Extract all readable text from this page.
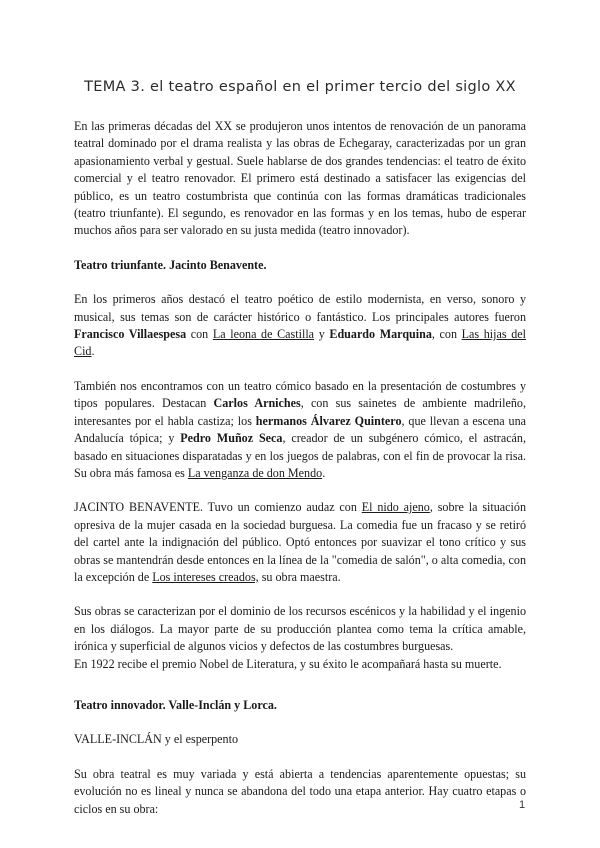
TEMA 3. el teatro español en el primer tercio del siglo XX

En las primeras décadas del XX se produjeron unos intentos de renovación de un panorama teatral dominado por el drama realista y las obras de Echegaray, caracterizadas por un gran apasionamiento verbal y gestual. Suele hablarse de dos grandes tendencias: el teatro de éxito comercial y el teatro renovador. El primero está destinado a satisfacer las exigencias del público, es un teatro costumbrista que continúa con las formas dramáticas tradicionales (teatro triunfante). El segundo, es renovador en las formas y en los temas, hubo de esperar muchos años para ser valorado en su justa medida (teatro innovador).

Teatro triunfante. Jacinto Benavente.

En los primeros años destacó el teatro poético de estilo modernista, en verso, sonoro y musical, sus temas son de carácter histórico o fantástico. Los principales autores fueron Francisco Villaespesa con La leona de Castilla y Eduardo Marquina, con Las hijas del Cid.

También nos encontramos con un teatro cómico basado en la presentación de costumbres y tipos populares. Destacan Carlos Arniches, con sus sainetes de ambiente madrileño, interesantes por el habla castiza; los hermanos Álvarez Quintero, que llevan a escena una Andalucía tópica; y Pedro Muñoz Seca, creador de un subgénero cómico, el astracán, basado en situaciones disparatadas y en los juegos de palabras, con el fin de provocar la risa. Su obra más famosa es La venganza de don Mendo.

JACINTO BENAVENTE. Tuvo un comienzo audaz con El nido ajeno, sobre la situación opresiva de la mujer casada en la sociedad burguesa. La comedia fue un fracaso y se retiró del cartel ante la indignación del público. Optó entonces por suavizar el tono crítico y sus obras se mantendrán desde entonces en la línea de la "comedia de salón", o alta comedia, con la excepción de Los intereses creados, su obra maestra.

Sus obras se caracterizan por el dominio de los recursos escénicos y la habilidad y el ingenio en los diálogos. La mayor parte de su producción plantea como tema la crítica amable, irónica y superficial de algunos vicios y defectos de las costumbres burguesas.

En 1922 recibe el premio Nobel de Literatura, y su éxito le acompañará hasta su muerte.

Teatro innovador. Valle-Inclán y Lorca.

VALLE-INCLÁN y el esperpento

Su obra teatral es muy variada y está abierta a tendencias aparentemente opuestas; su evolución no es lineal y nunca se abandona del todo una etapa anterior. Hay cuatro etapas o ciclos en su obra:	1
